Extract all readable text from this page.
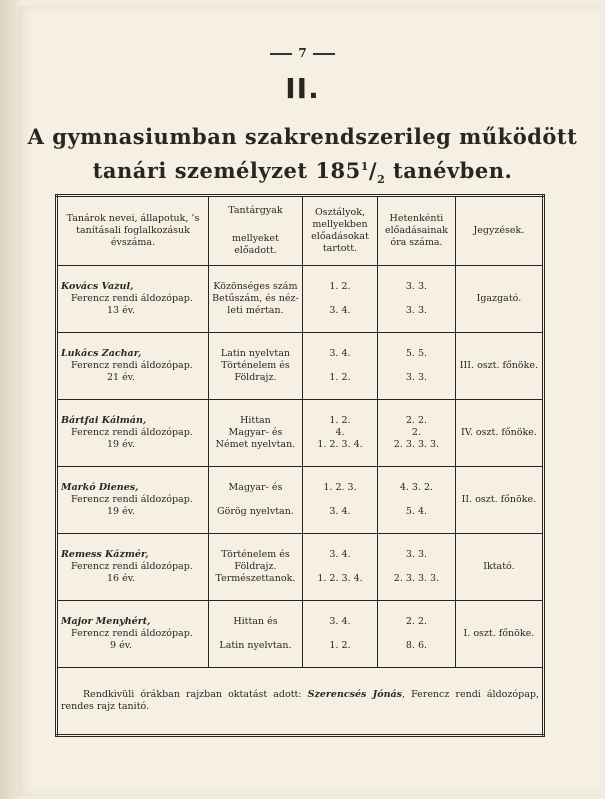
7
II.
A gymnasiumban szakrendszerileg működött
tanári személyzet $185^1/_2$ tanévben.
Tanárok nevei, állapotuk, ’s tanításali foglalkozásuk évszáma.	Tantárgyak
mellyeket előadott.	Osztályok, mellyekben előadásokat tartott.	Hetenkénti előadásainak óra száma.	Jegyzések.

Kovács Vazul,
Ferencz rendi áldozópap.
13 év.	Közönséges szám
Betűszám, és néz-
leti mértan.	1. 2.
3. 4.	3. 3.
3. 3.	Igazgató.

Lukács Zachar,
Ferencz rendi áldozópap.
21 év.	Latin nyelvtan
Történelem és
Földrajz.	3. 4.
1. 2.	5. 5.
3. 3.	III. oszt. főnöke.

Bártfai Kálmán,
Ferencz rendi áldozópap.
19 év.	Hittan
Magyar- és
Német nyelvtan.	1. 2.
4.
1. 2. 3. 4.	2. 2.
2.
2. 3. 3. 3.	IV. oszt. főnöke.

Markó Dienes,
Ferencz rendi áldozópap.
19 év.	Magyar- és
Görög nyelvtan.	1. 2. 3.
3. 4.	4. 3. 2.
5. 4.	II. oszt. főnöke.

Remess Kázmér,
Ferencz rendi áldozópap.
16 év.	Történelem és
Földrajz.
Természettanok.	3. 4.
1. 2. 3. 4.	3. 3.
2. 3. 3. 3.	Iktató.

Major Menyhért,
Ferencz rendi áldozópap.
9 év.	Hittan és
Latin nyelvtan.	3. 4.
1. 2.	2. 2.
8. 6.	I. oszt. főnöke.
Rendkivüli órákban rajzban oktatást adott: Szerencsés Jónás, Ferencz rendi áldozópap, rendes rajz tanitó.				
